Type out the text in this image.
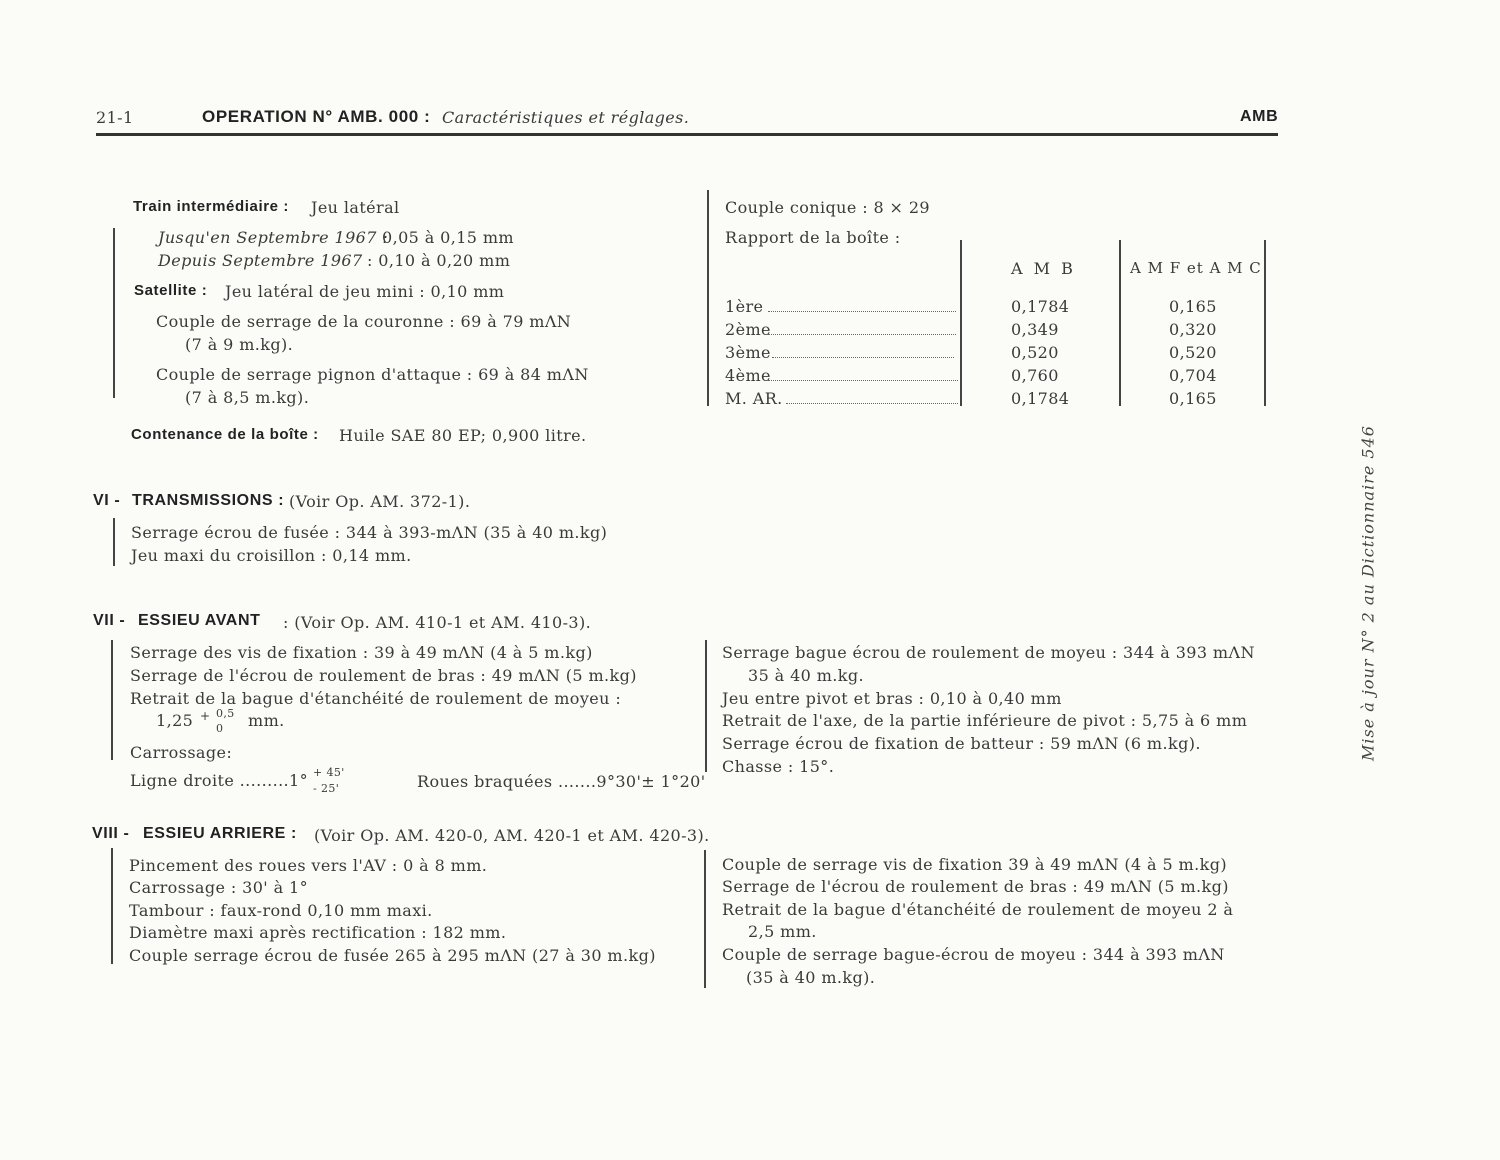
21-1	OPERATION N° AMB. 000 : Caractéristiques et réglages.	AMB
Mise à jour N° 2 au Dictionnaire 546
Train intermédiaire : Jeu latéral
Jusqu'en Septembre 1967 :
0,05 à 0,15 mm
Depuis Septembre 1967 : 0,10 à 0,20 mm
Satellite : Jeu latéral de jeu mini : 0,10 mm
Couple de serrage de la couronne : 69 à 79 mΛN
(7 à 9 m.kg).
Couple de serrage pignon d'attaque : 69 à 84 mΛN
(7 à 8,5 m.kg).
Contenance de la boîte : Huile SAE 80 EP; 0,900 litre.
Couple conique : 8 × 29
Rapport de la boîte :
A M B	A M F et A M C
1ère	0,1784	0,165
2ème	0,349	0,320
3ème	0,520	0,520
4ème	0,760	0,704
M. AR.	0,1784	0,165
VI - TRANSMISSIONS : (Voir Op. AM. 372-1).
Serrage écrou de fusée : 344 à 393-mΛN (35 à 40 m.kg)
Jeu maxi du croisillon : 0,14 mm.
VII - ESSIEU AVANT : (Voir Op. AM. 410-1 et AM. 410-3).
Serrage des vis de fixation : 39 à 49 mΛN (4 à 5 m.kg)
Serrage de l'écrou de roulement de bras : 49 mΛN (5 m.kg)
Retrait de la bague d'étanchéité de roulement de moyeu :
1,25 + 0,5
0 mm.
Carrossage:
Ligne droite .........1° + 45'
- 25'	Roues braquées .......9°30'± 1°20'
Serrage bague écrou de roulement de moyeu : 344 à 393 mΛN
35 à 40 m.kg.
Jeu entre pivot et bras : 0,10 à 0,40 mm
Retrait de l'axe, de la partie inférieure de pivot : 5,75 à 6 mm
Serrage écrou de fixation de batteur : 59 mΛN (6 m.kg).
Chasse : 15°.
VIII - ESSIEU ARRIERE : (Voir Op. AM. 420-0, AM. 420-1 et AM. 420-3).
Pincement des roues vers l'AV : 0 à 8 mm.
Carrossage : 30' à 1°
Tambour : faux-rond 0,10 mm maxi.
Diamètre maxi après rectification : 182 mm.
Couple serrage écrou de fusée 265 à 295 mΛN (27 à 30 m.kg)
Couple de serrage vis de fixation 39 à 49 mΛN (4 à 5 m.kg)
Serrage de l'écrou de roulement de bras : 49 mΛN (5 m.kg)
Retrait de la bague d'étanchéité de roulement de moyeu 2 à
2,5 mm.
Couple de serrage bague-écrou de moyeu : 344 à 393 mΛN
(35 à 40 m.kg).
